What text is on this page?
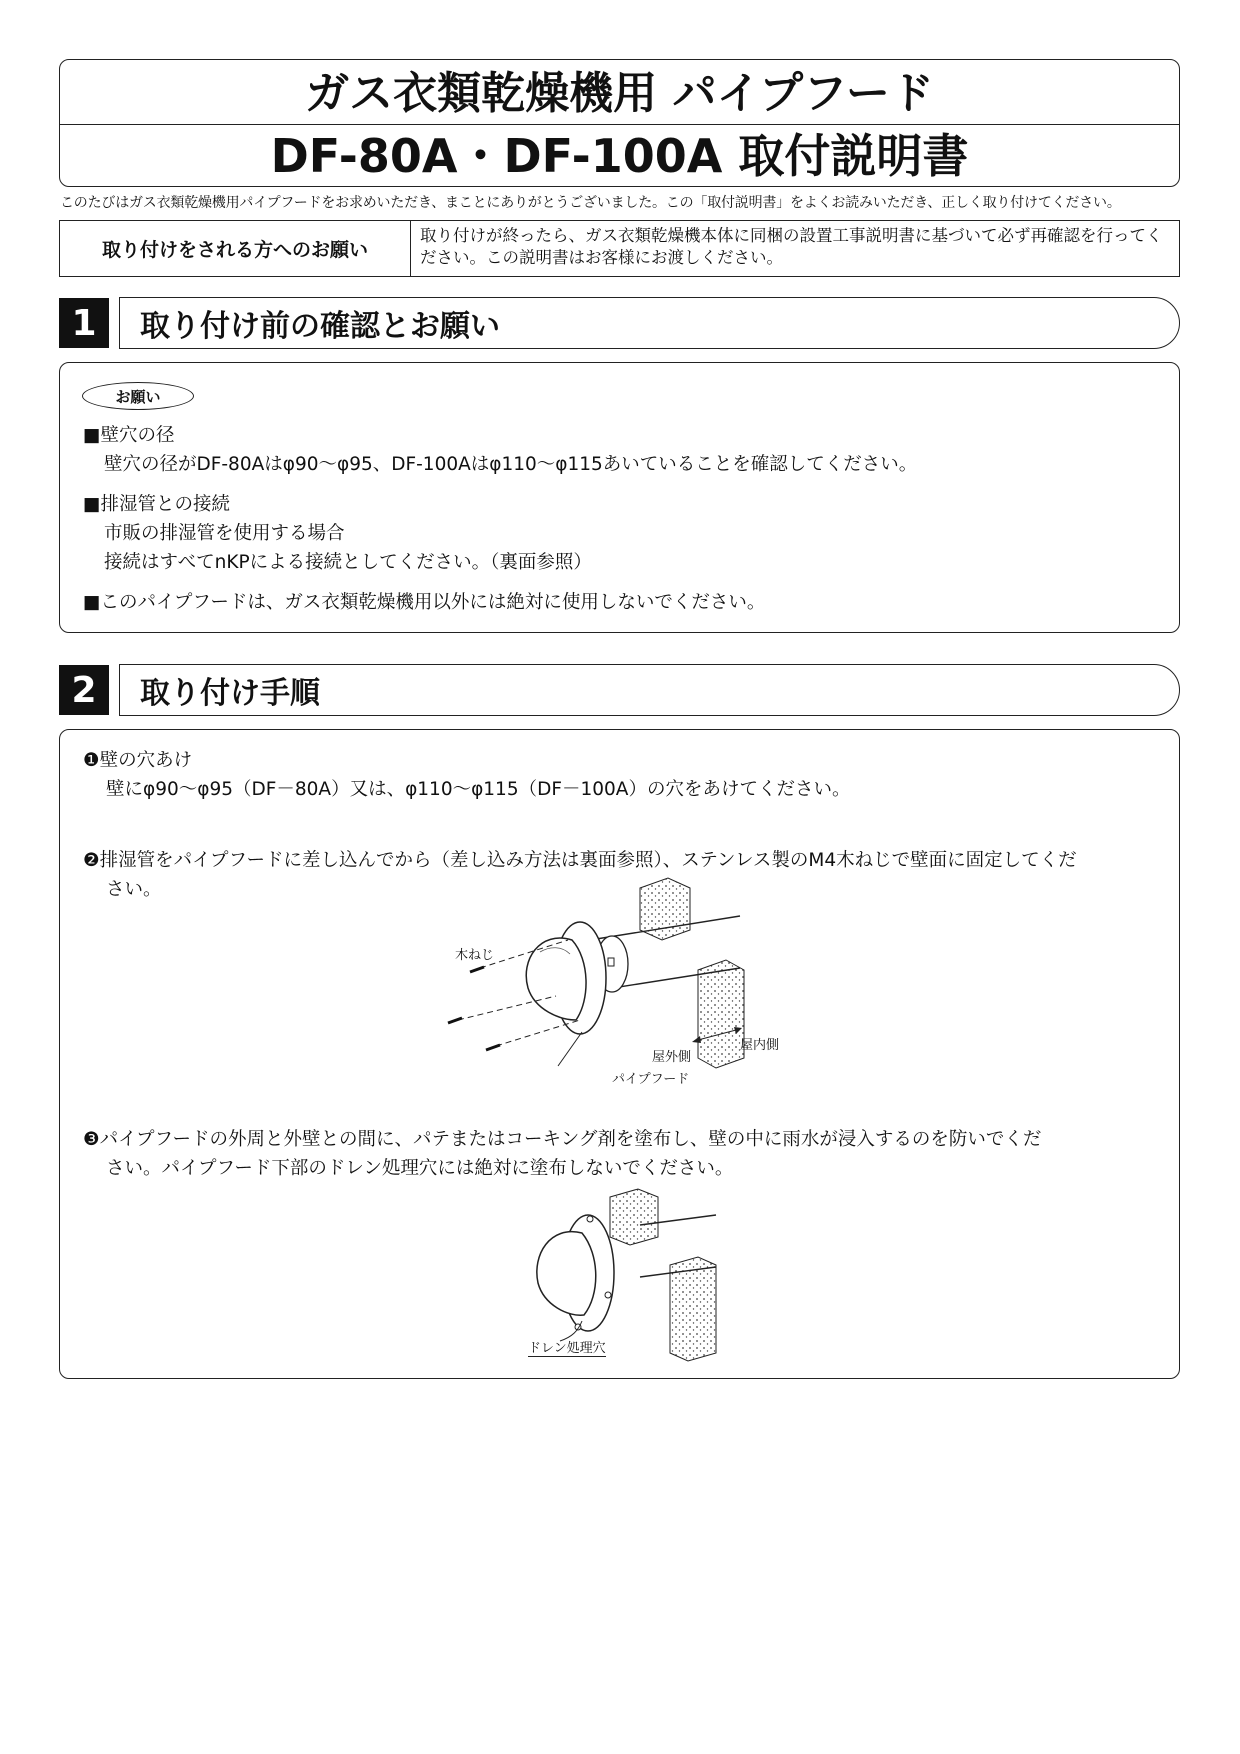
ガス衣類乾燥機用 パイプフード
DF-80A・DF-100A 取付説明書
このたびはガス衣類乾燥機用パイプフードをお求めいただき、まことにありがとうございました。この「取付説明書」をよくお読みいただき、正しく取り付けてください。
取り付けをされる方へのお願い
取り付けが終ったら、ガス衣類乾燥機本体に同梱の設置工事説明書に基づいて必ず再確認を行ってください。この説明書はお客様にお渡しください。
1	取り付け前の確認とお願い
お願い
■壁穴の径
壁穴の径がDF-80Aはφ90～φ95、DF-100Aはφ110～φ115あいていることを確認してください。
■排湿管との接続
市販の排湿管を使用する場合
接続はすべてnKPによる接続としてください。（裏面参照）
■このパイプフードは、ガス衣類乾燥機用以外には絶対に使用しないでください。
2	取り付け手順
❶壁の穴あけ
壁にφ90～φ95（DF－80A）又は、φ110～φ115（DF－100A）の穴をあけてください。
❷排湿管をパイプフードに差し込んでから（差し込み方法は裏面参照）、ステンレス製のM4木ねじで壁面に固定してくだ
さい。
木ねじ
屋外側
屋内側
パイプフード
❸パイプフードの外周と外壁との間に、パテまたはコーキング剤を塗布し、壁の中に雨水が浸入するのを防いでくだ
さい。パイプフード下部のドレン処理穴には絶対に塗布しないでください。
ドレン処理穴
